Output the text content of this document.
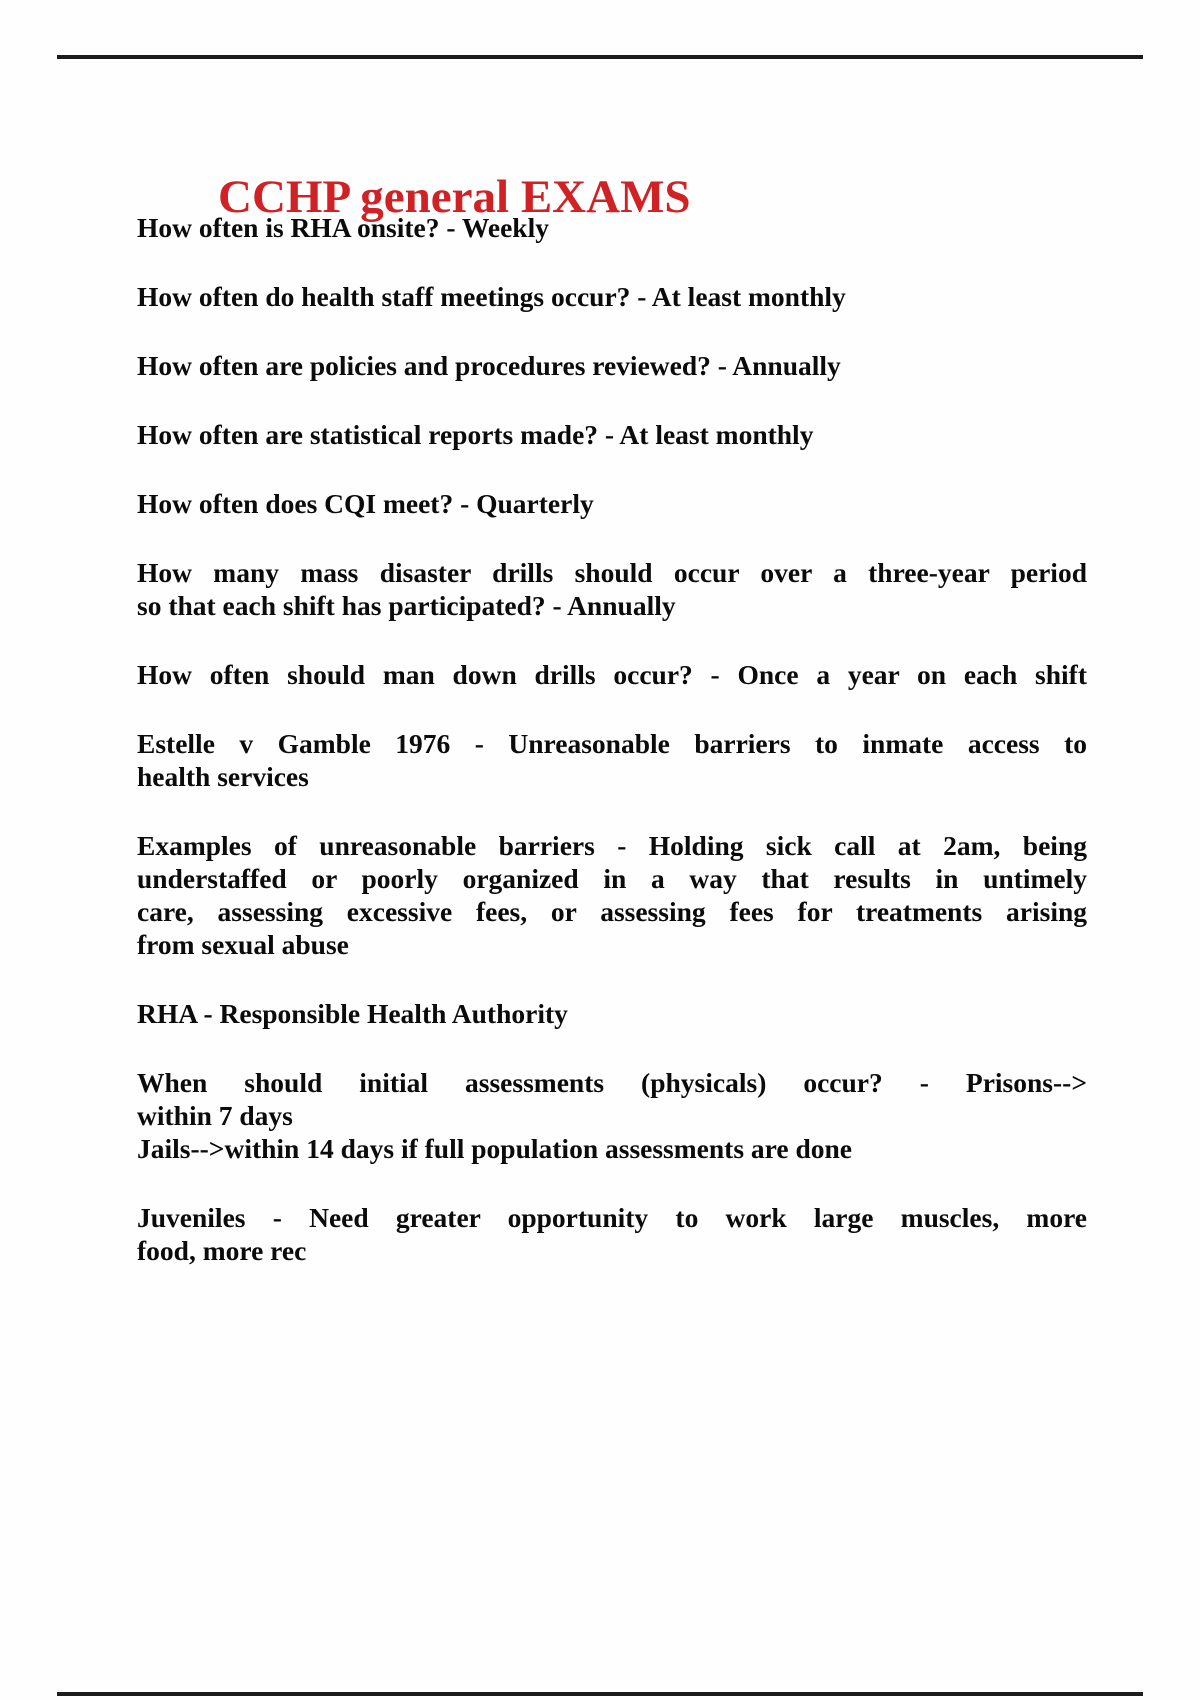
CCHP general EXAMS
How often is RHA onsite? - Weekly
How often do health staff meetings occur? - At least monthly
How often are policies and procedures reviewed? - Annually
How often are statistical reports made? - At least monthly
How often does CQI meet? - Quarterly
How many mass disaster drills should occur over a three-year period
so that each shift has participated? - Annually
How often should man down drills occur? - Once a year on each shift
Estelle v Gamble 1976 - Unreasonable barriers to inmate access to
health services
Examples of unreasonable barriers - Holding sick call at 2am, being
understaffed or poorly organized in a way that results in untimely
care, assessing excessive fees, or assessing fees for treatments arising
from sexual abuse
RHA - Responsible Health Authority
When should initial assessments (physicals) occur? - Prisons-->
within 7 days
Jails-->within 14 days if full population assessments are done
Juveniles - Need greater opportunity to work large muscles, more
food, more rec
